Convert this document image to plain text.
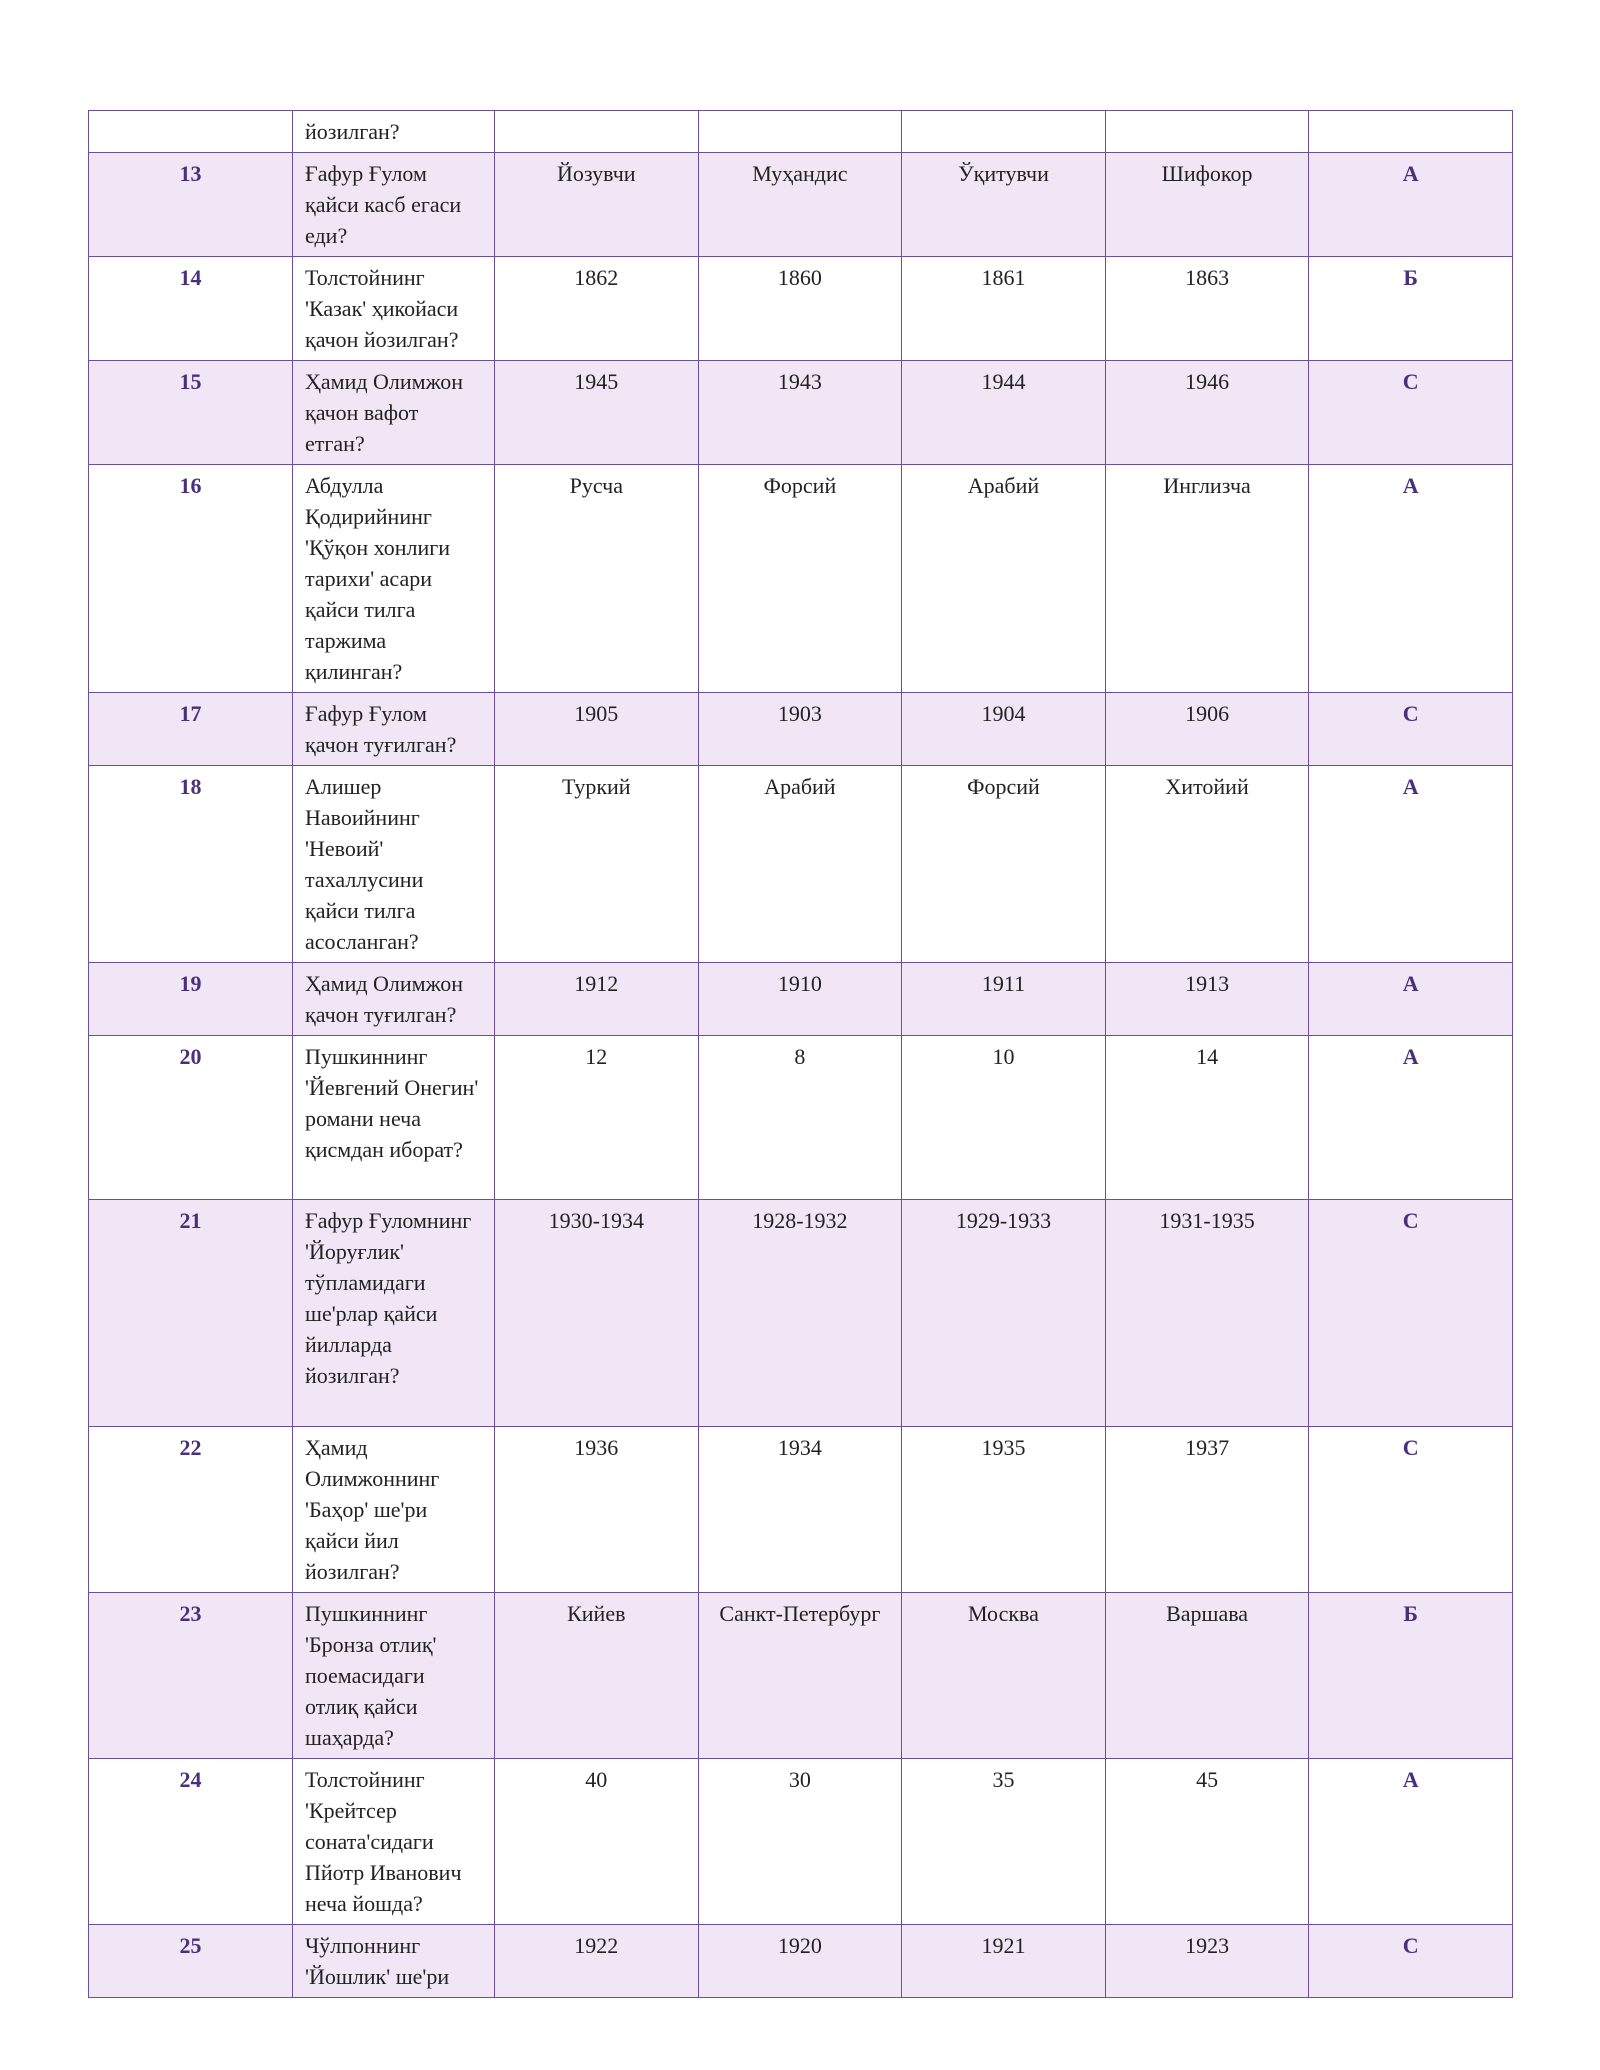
	йозилган?					
13	Ғафур Ғулом қайси касб егаси еди?	Йозувчи	Муҳандис	Ўқитувчи	Шифокор	A
14	Толстойнинг 'Казак' ҳикойаси қачон йозилган?	1862	1860	1861	1863	Б
15	Ҳамид Олимжон қачон вафот етган?	1945	1943	1944	1946	C
16	Абдулла Қодирийнинг 'Қўқон хонлиги тарихи' асари қайси тилга таржима қилинган?	Русча	Форсий	Арабий	Инглизча	A
17	Ғафур Ғулом қачон туғилган?	1905	1903	1904	1906	C
18	Алишер Навоийнинг 'Невоий' тахаллусини қайси тилга асосланган?	Туркий	Арабий	Форсий	Хитойий	A
19	Ҳамид Олимжон қачон туғилган?	1912	1910	1911	1913	A
20	Пушкиннинг 'Йевгений Онегин' романи неча қисмдан иборат?	12	8	10	14	A
21	Ғафур Ғуломнинг 'Йоруғлик' тўпламидаги ше'рлар қайси йилларда йозилган?	1930-1934	1928-1932	1929-1933	1931-1935	C
22	Ҳамид Олимжоннинг 'Баҳор' ше'ри қайси йил йозилган?	1936	1934	1935	1937	C
23	Пушкиннинг 'Бронза отлиқ' поемасидаги отлиқ қайси шаҳарда?	Кийев	Санкт-Петербург	Москва	Варшава	Б
24	Толстойнинг 'Крейтсер соната'сидаги Пйотр Иванович неча йошда?	40	30	35	45	A
25	Чўлпоннинг 'Йошлик' ше'ри	1922	1920	1921	1923	C
